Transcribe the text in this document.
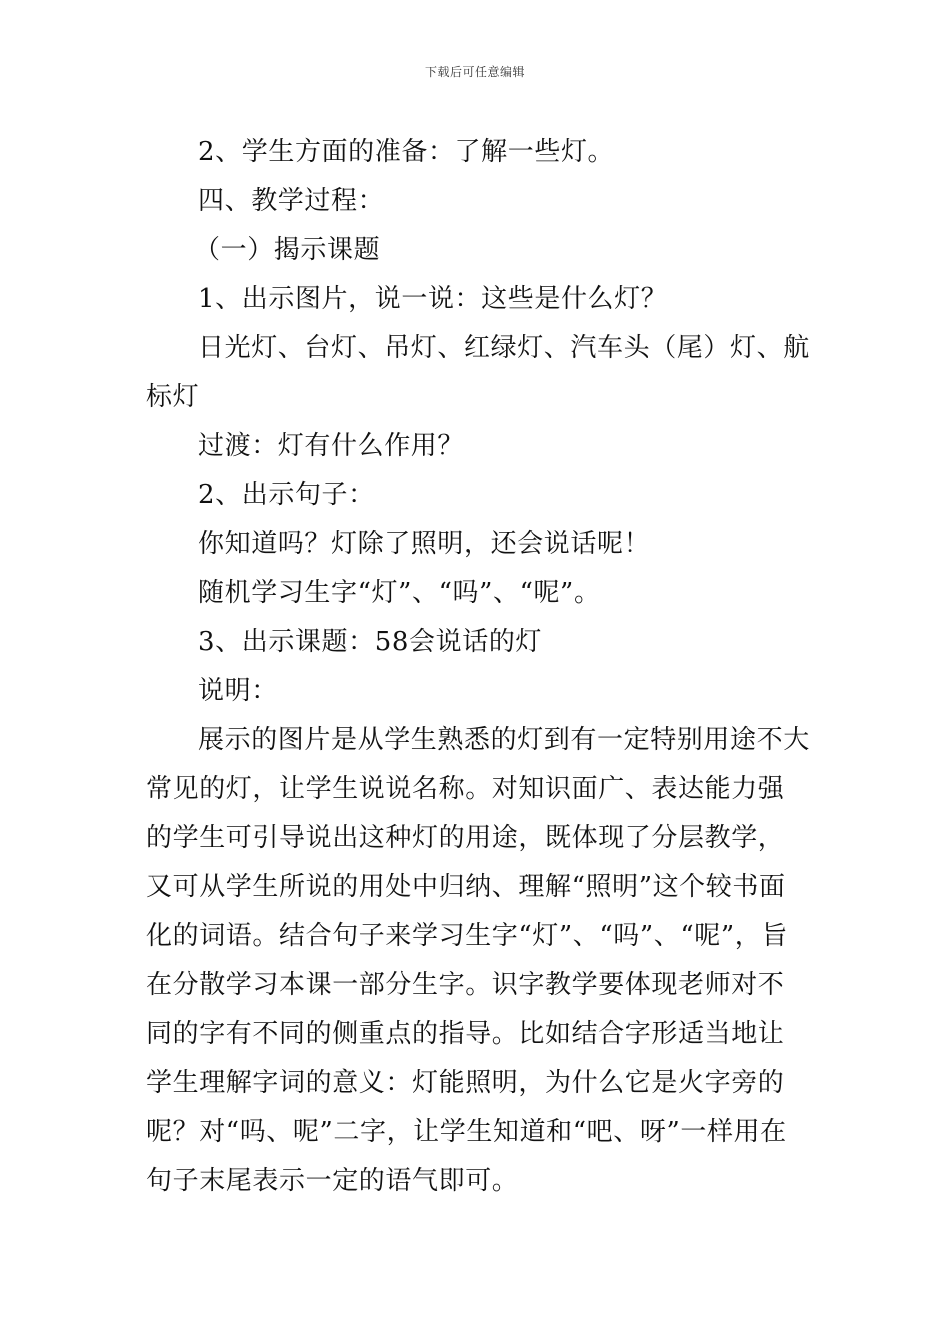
下载后可任意编辑

2、学生方面的准备：了解一些灯。

四、教学过程：

（一）揭示课题

1、出示图片，说一说：这些是什么灯？

日光灯、台灯、吊灯、红绿灯、汽车头（尾）灯、航标灯

过渡：灯有什么作用？

2、出示句子：

你知道吗？灯除了照明，还会说话呢！

随机学习生字“灯”、“吗”、“呢”。

3、出示课题：58会说话的灯

说明：

展示的图片是从学生熟悉的灯到有一定特别用途不大常见的灯，让学生说说名称。对知识面广、表达能力强的学生可引导说出这种灯的用途，既体现了分层教学，又可从学生所说的用处中归纳、理解“照明”这个较书面化的词语。结合句子来学习生字“灯”、“吗”、“呢”，旨在分散学习本课一部分生字。识字教学要体现老师对不同的字有不同的侧重点的指导。比如结合字形适当地让学生理解字词的意义：灯能照明，为什么它是火字旁的呢？对“吗、呢”二字，让学生知道和“吧、呀”一样用在句子末尾表示一定的语气即可。
